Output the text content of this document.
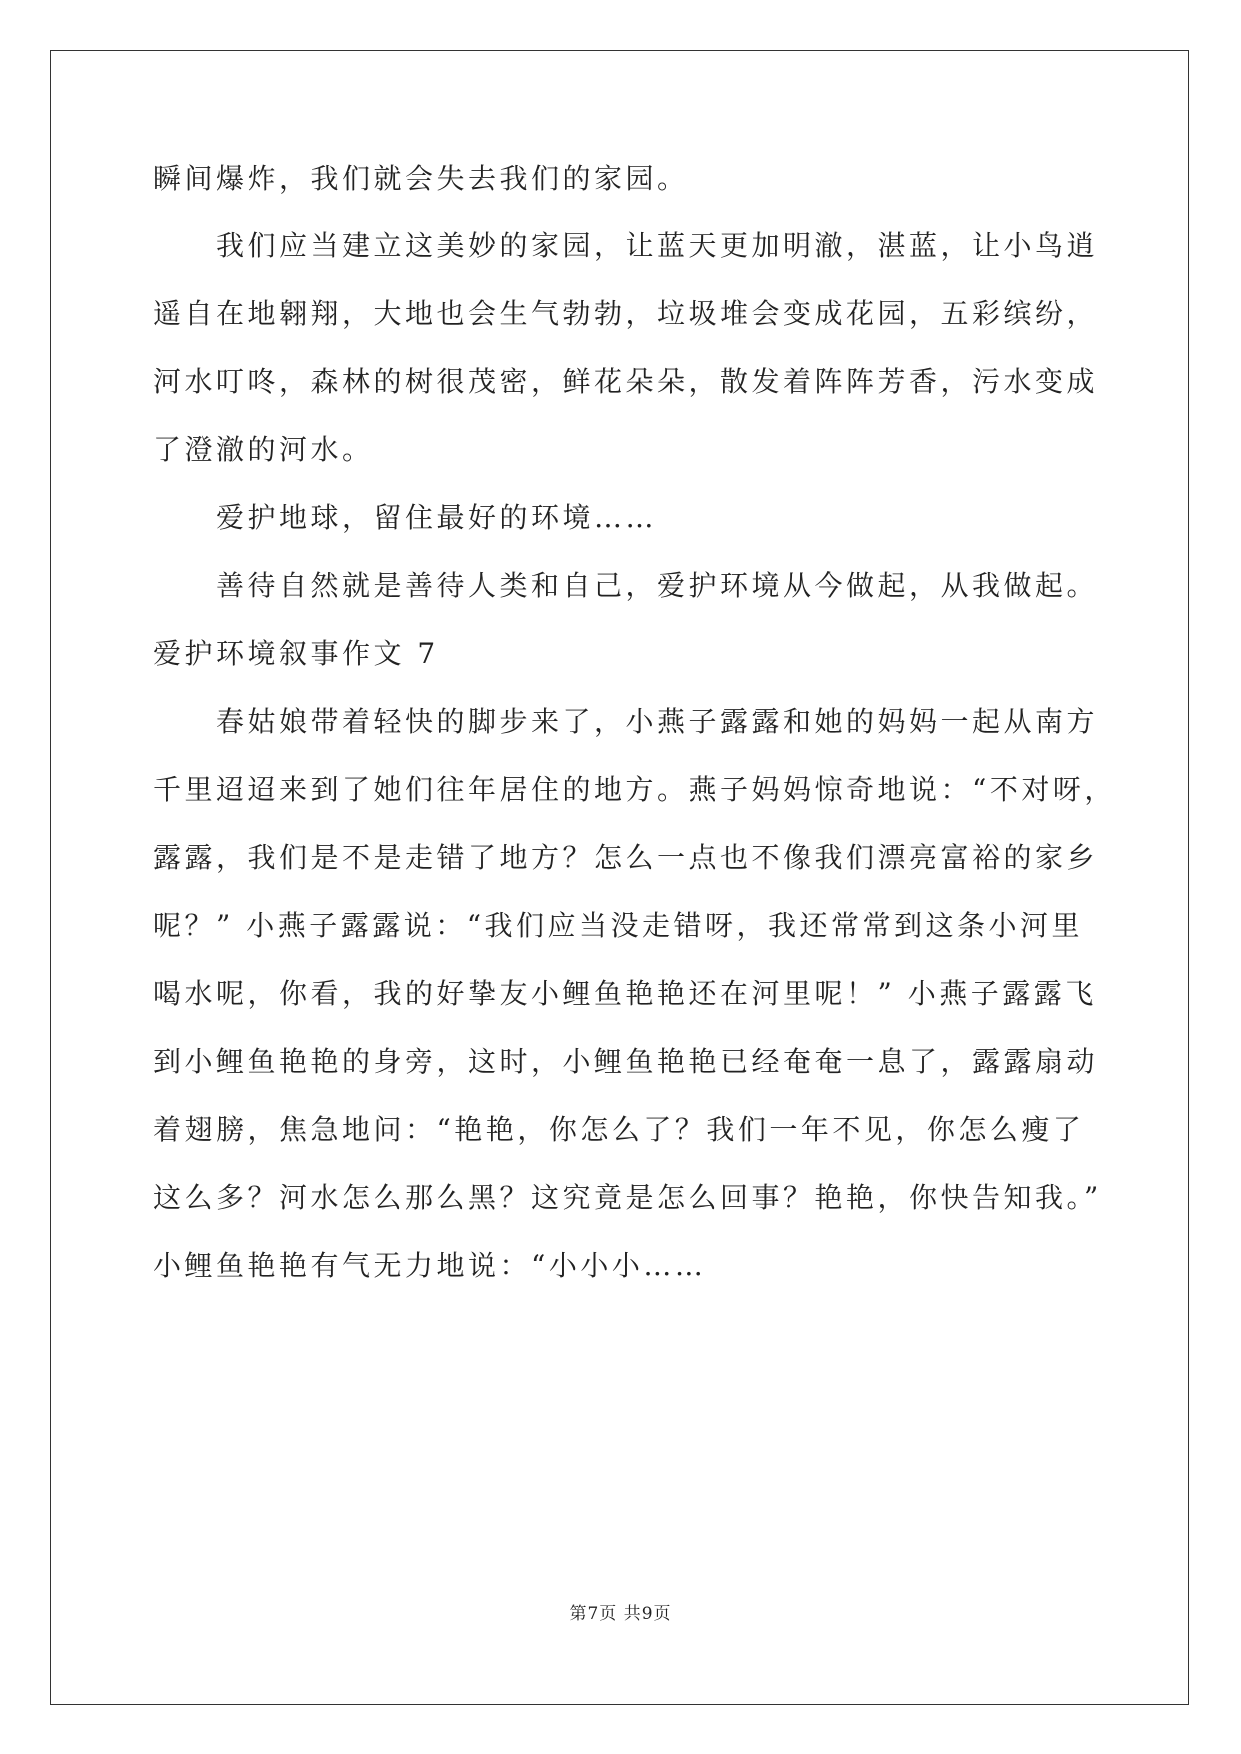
瞬间爆炸，我们就会失去我们的家园。
我们应当建立这美妙的家园，让蓝天更加明澈，湛蓝，让小鸟逍
遥自在地翱翔，大地也会生气勃勃，垃圾堆会变成花园，五彩缤纷，
河水叮咚，森林的树很茂密，鲜花朵朵，散发着阵阵芳香，污水变成
了澄澈的河水。
爱护地球，留住最好的环境……
善待自然就是善待人类和自己，爱护环境从今做起，从我做起。
爱护环境叙事作文 7
春姑娘带着轻快的脚步来了，小燕子露露和她的妈妈一起从南方
千里迢迢来到了她们往年居住的地方。燕子妈妈惊奇地说：“不对呀，
露露，我们是不是走错了地方？怎么一点也不像我们漂亮富裕的家乡
呢？” 小燕子露露说：“我们应当没走错呀，我还常常到这条小河里
喝水呢，你看，我的好挚友小鲤鱼艳艳还在河里呢！” 小燕子露露飞
到小鲤鱼艳艳的身旁，这时，小鲤鱼艳艳已经奄奄一息了，露露扇动
着翅膀，焦急地问：“艳艳，你怎么了？我们一年不见，你怎么瘦了
这么多？河水怎么那么黑？这究竟是怎么回事？艳艳，你快告知我。”
小鲤鱼艳艳有气无力地说：“小小小……
第7页 共9页
